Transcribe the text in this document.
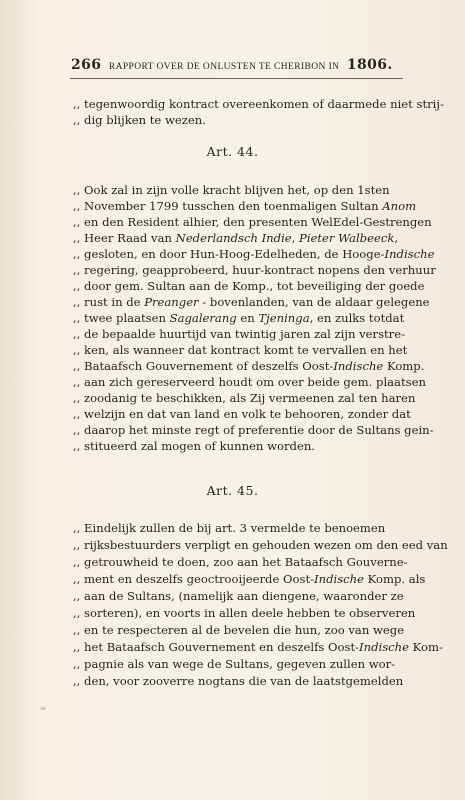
266 RAPPORT OVER DE ONLUSTEN TE CHERIBON IN 1806.
,, tegenwoordig kontract overeenkomen of daarmede niet strij-
,, dig blijken te wezen.
Art. 44.
,, Ook zal in zijn volle kracht blijven het, op den 1sten
,, November 1799 tusschen den toenmaligen Sultan Anom
,, en den Resident alhier, den presenten WelEdel-Gestrengen
,, Heer Raad van Nederlandsch Indie, Pieter Walbeeck,
,, gesloten, en door Hun-Hoog-Edelheden, de Hooge-Indische
,, regering, geapprobeerd, huur-kontract nopens den verhuur
,, door gem. Sultan aan de Komp., tot beveiliging der goede
,, rust in de Preanger - bovenlanden, van de aldaar gelegene
,, twee plaatsen Sagalerang en Tjeninga, en zulks totdat
,, de bepaalde huurtijd van twintig jaren zal zijn verstre-
,, ken, als wanneer dat kontract komt te vervallen en het
,, Bataafsch Gouvernement of deszelfs Oost-Indische Komp.
,, aan zich gereserveerd houdt om over beide gem. plaatsen
,, zoodanig te beschikken, als Zij vermeenen zal ten haren
,, welzijn en dat van land en volk te behooren, zonder dat
,, daarop het minste regt of preferentie door de Sultans gein-
,, stitueerd zal mogen of kunnen worden.
Art. 45.
,, Eindelijk zullen de bij art. 3 vermelde te benoemen
,, rijksbestuurders verpligt en gehouden wezen om den eed van
,, getrouwheid te doen, zoo aan het Bataafsch Gouverne-
,, ment en deszelfs geoctrooijeerde Oost-Indische Komp. als
,, aan de Sultans, (namelijk aan diengene, waaronder ze
,, sorteren), en voorts in allen deele hebben te observeren
,, en te respecteren al de bevelen die hun, zoo van wege
,, het Bataafsch Gouvernement en deszelfs Oost-Indische Kom-
,, pagnie als van wege de Sultans, gegeven zullen wor-
,, den, voor zooverre nogtans die van de laatstgemelden
